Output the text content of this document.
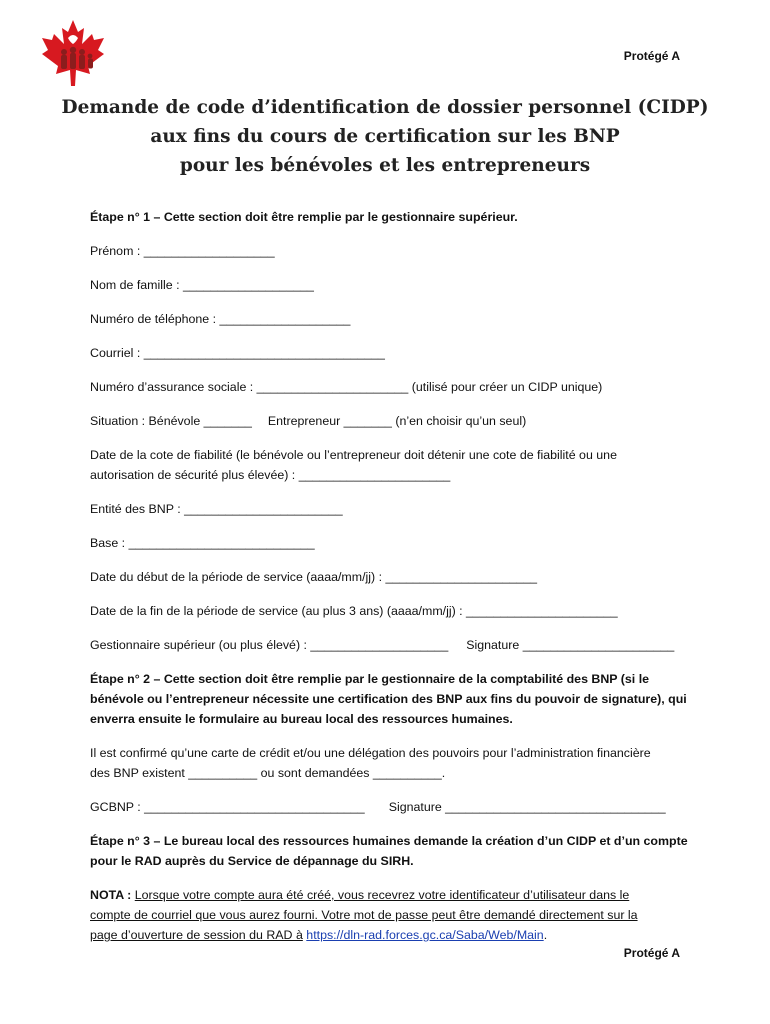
Protégé A
Demande de code d’identification de dossier personnel (CIDP)
aux fins du cours de certification sur les BNP
pour les bénévoles et les entrepreneurs

Étape n° 1 – Cette section doit être remplie par le gestionnaire supérieur.

Prénom : ___________________

Nom de famille : ___________________

Numéro de téléphone : ___________________

Courriel : ___________________________________

Numéro d’assurance sociale : ______________________ (utilisé pour créer un CIDP unique)

Situation : Bénévole _______ Entrepreneur _______ (n’en choisir qu’un seul)

Date de la cote de fiabilité (le bénévole ou l’entrepreneur doit détenir une cote de fiabilité ou une
autorisation de sécurité plus élevée) : ______________________

Entité des BNP : _______________________

Base : ___________________________

Date du début de la période de service (aaaa/mm/jj) : ______________________

Date de la fin de la période de service (au plus 3 ans) (aaaa/mm/jj) : ______________________

Gestionnaire supérieur (ou plus élevé) : ____________________ Signature ______________________

Étape n° 2 – Cette section doit être remplie par le gestionnaire de la comptabilité des BNP (si le
bénévole ou l’entrepreneur nécessite une certification des BNP aux fins du pouvoir de signature), qui
enverra ensuite le formulaire au bureau local des ressources humaines.

Il est confirmé qu’une carte de crédit et/ou une délégation des pouvoirs pour l’administration financière
des BNP existent __________ ou sont demandées __________.

GCBNP : ________________________________ Signature ________________________________

Étape n° 3 – Le bureau local des ressources humaines demande la création d’un CIDP et d’un compte
pour le RAD auprès du Service de dépannage du SIRH.

NOTA : Lorsque votre compte aura été créé, vous recevrez votre identificateur d’utilisateur dans le
compte de courriel que vous aurez fourni. Votre mot de passe peut être demandé directement sur la
page d’ouverture de session du RAD à https://dln-rad.forces.gc.ca/Saba/Web/Main.

Protégé A
